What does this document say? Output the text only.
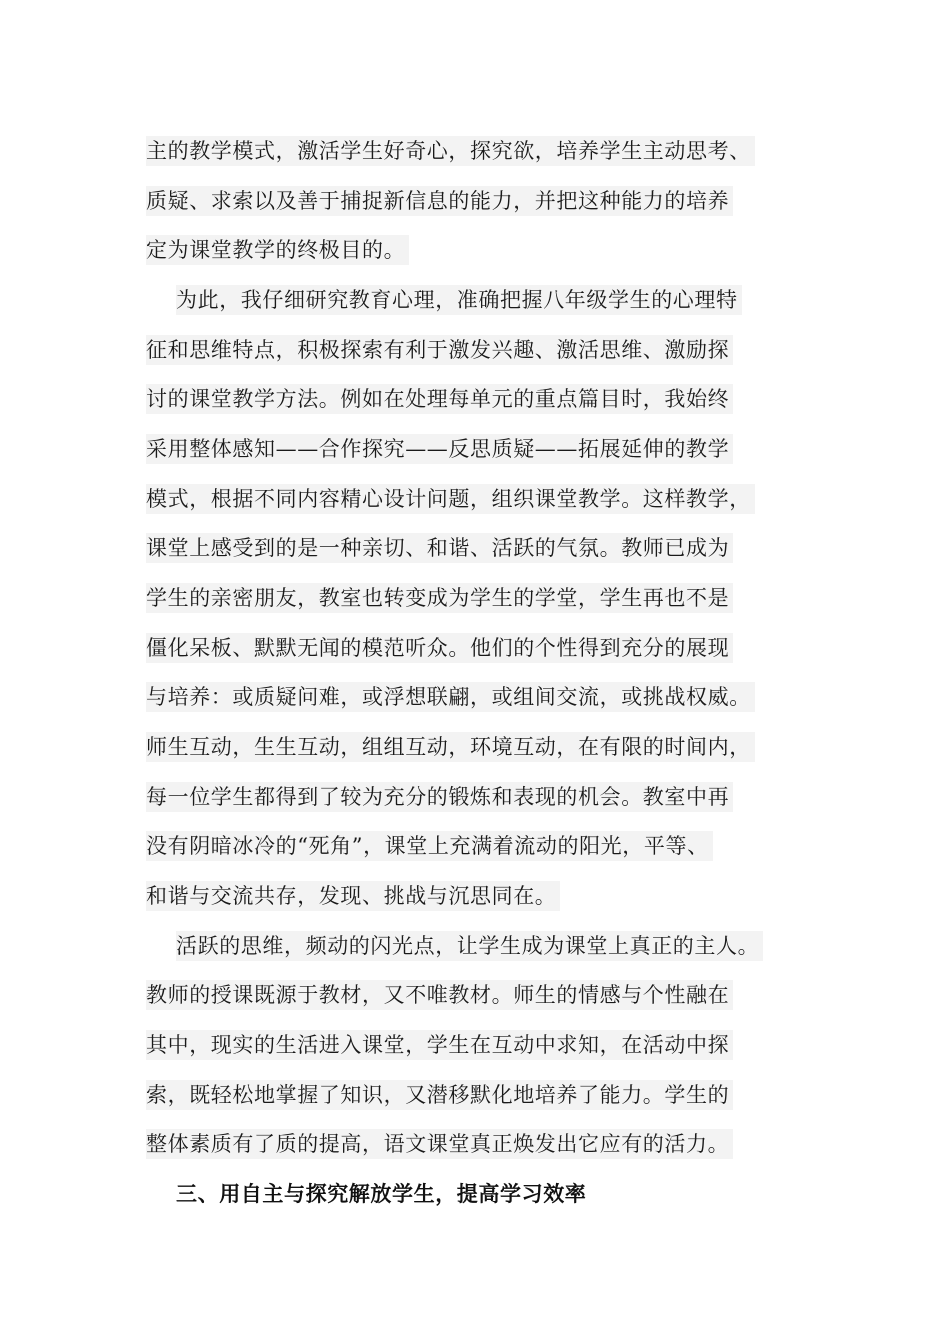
主的教学模式，激活学生好奇心，探究欲，培养学生主动思考、
质疑、求索以及善于捕捉新信息的能力，并把这种能力的培养
定为课堂教学的终极目的。
为此，我仔细研究教育心理，准确把握八年级学生的心理特
征和思维特点，积极探索有利于激发兴趣、激活思维、激励探
讨的课堂教学方法。例如在处理每单元的重点篇目时，我始终
采用整体感知——合作探究——反思质疑——拓展延伸的教学
模式，根据不同内容精心设计问题，组织课堂教学。这样教学，
课堂上感受到的是一种亲切、和谐、活跃的气氛。教师已成为
学生的亲密朋友，教室也转变成为学生的学堂，学生再也不是
僵化呆板、默默无闻的模范听众。他们的个性得到充分的展现
与培养：或质疑问难，或浮想联翩，或组间交流，或挑战权威。
师生互动，生生互动，组组互动，环境互动，在有限的时间内，
每一位学生都得到了较为充分的锻炼和表现的机会。教室中再
没有阴暗冰冷的“死角”，课堂上充满着流动的阳光，平等、
和谐与交流共存，发现、挑战与沉思同在。
活跃的思维，频动的闪光点，让学生成为课堂上真正的主人。
教师的授课既源于教材，又不唯教材。师生的情感与个性融在
其中，现实的生活进入课堂，学生在互动中求知，在活动中探
索，既轻松地掌握了知识，又潜移默化地培养了能力。学生的
整体素质有了质的提高，语文课堂真正焕发出它应有的活力。
三、用自主与探究解放学生，提高学习效率
